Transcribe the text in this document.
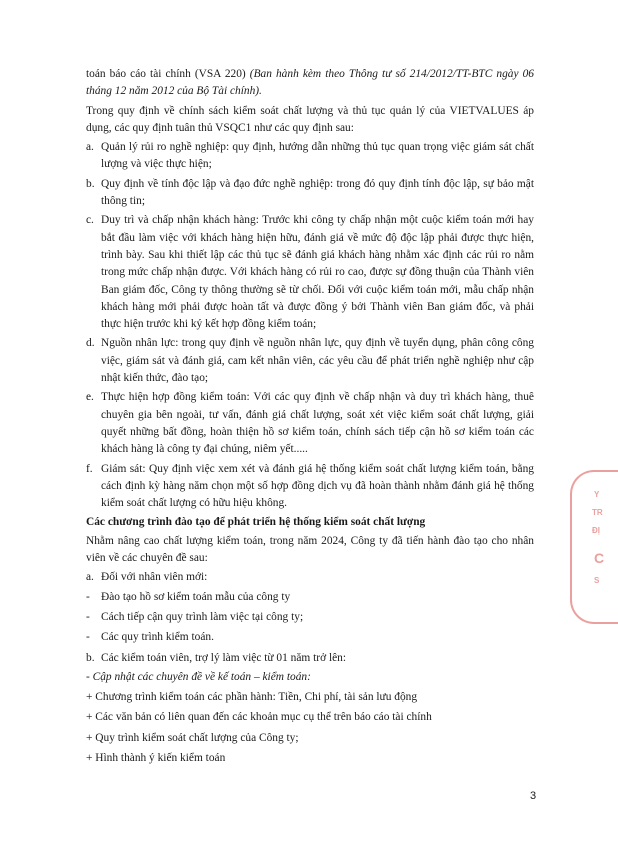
toán báo cáo tài chính (VSA 220) (Ban hành kèm theo Thông tư số 214/2012/TT-BTC ngày 06 tháng 12 năm 2012 của Bộ Tài chính).

Trong quy định về chính sách kiểm soát chất lượng và thủ tục quản lý của VIETVALUES áp dụng, các quy định tuân thủ VSQC1 như các quy định sau:

a. Quản lý rủi ro nghề nghiệp: quy định, hướng dẫn những thủ tục quan trọng việc giám sát chất lượng và việc thực hiện;
b. Quy định về tính độc lập và đạo đức nghề nghiệp: trong đó quy định tính độc lập, sự bảo mật thông tin;
c. Duy trì và chấp nhận khách hàng: Trước khi công ty chấp nhận một cuộc kiểm toán mới hay bắt đầu làm việc với khách hàng hiện hữu, đánh giá về mức độ độc lập phải được thực hiện, trình bày. Sau khi thiết lập các thủ tục sẽ đánh giá khách hàng nhằm xác định các rủi ro nằm trong mức chấp nhận được. Với khách hàng có rủi ro cao, được sự đồng thuận của Thành viên Ban giám đốc, Công ty thông thường sẽ từ chối. Đối với cuộc kiểm toán mới, mẫu chấp nhận khách hàng mới phải được hoàn tất và được đồng ý bởi Thành viên Ban giám đốc, và phải thực hiện trước khi ký kết hợp đồng kiểm toán;
d. Nguồn nhân lực: trong quy định về nguồn nhân lực, quy định về tuyển dụng, phân công công việc, giám sát và đánh giá, cam kết nhân viên, các yêu cầu để phát triển nghề nghiệp như cập nhật kiến thức, đào tạo;
e. Thực hiện hợp đồng kiểm toán: Với các quy định về chấp nhận và duy trì khách hàng, thuê chuyên gia bên ngoài, tư vấn, đánh giá chất lượng, soát xét việc kiểm soát chất lượng, giải quyết những bất đồng, hoàn thiện hồ sơ kiểm toán, chính sách tiếp cận hồ sơ kiểm toán các khách hàng là công ty đại chúng, niêm yết.....
f. Giám sát: Quy định việc xem xét và đánh giá hệ thống kiểm soát chất lượng kiểm toán, bằng cách định kỳ hàng năm chọn một số hợp đồng dịch vụ đã hoàn thành nhằm đánh giá hệ thống kiểm soát chất lượng có hữu hiệu không.

Các chương trình đào tạo để phát triển hệ thống kiểm soát chất lượng

Nhằm nâng cao chất lượng kiểm toán, trong năm 2024, Công ty đã tiến hành đào tạo cho nhân viên về các chuyên đề sau:

a. Đối với nhân viên mới:
- Đào tạo hồ sơ kiểm toán mẫu của công ty
- Cách tiếp cận quy trình làm việc tại công ty;
- Các quy trình kiểm toán.
b. Các kiểm toán viên, trợ lý làm việc từ 01 năm trở lên:

- Cập nhật các chuyên đề về kế toán – kiểm toán:

+ Chương trình kiểm toán các phần hành: Tiền, Chi phí, tài sản lưu động

+ Các văn bản có liên quan đến các khoản mục cụ thể trên báo cáo tài chính

+ Quy trình kiểm soát chất lượng của Công ty;

+ Hình thành ý kiến kiểm toán

Y
TR
ĐỊ
C
S
3
